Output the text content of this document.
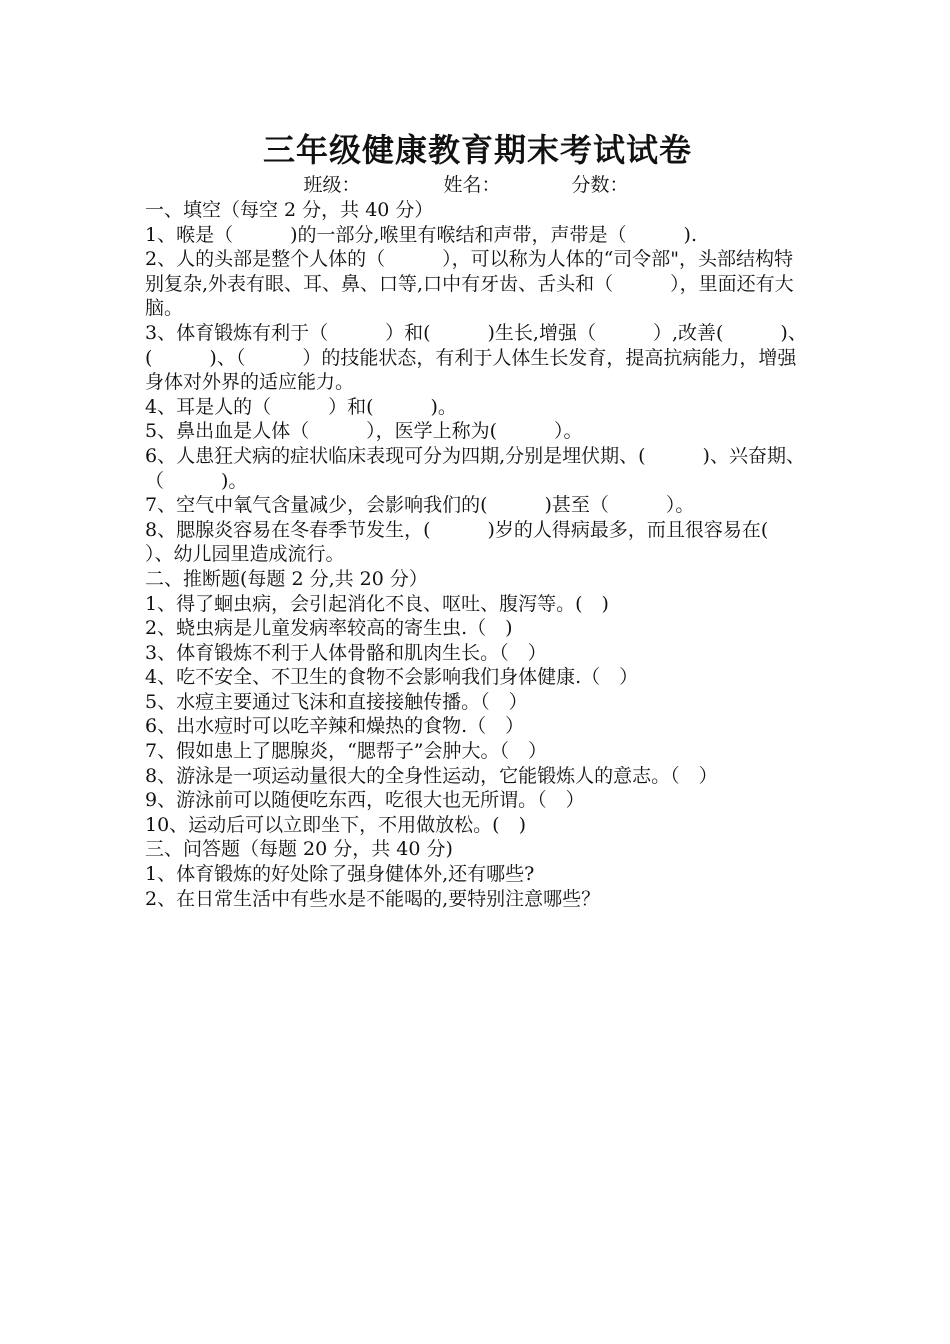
三年级健康教育期末考试试卷
班级：	姓名：	分数：

一、填空（每空 2 分，共 40 分）

1、喉是（　　　)的一部分,喉里有喉结和声带，声带是（　　　).

2、人的头部是整个人体的（　　　），可以称为人体的“司令部"，头部结构特别复杂,外表有眼、耳、鼻、口等,口中有牙齿、舌头和（　　　），里面还有大脑。

3、体育锻炼有利于（　　　）和(　　　)生长,增强（　　　）,改善(　　　)、(　　　)、（　　　）的技能状态，有利于人体生长发育，提高抗病能力，增强身体对外界的适应能力。

4、耳是人的（　　　）和(　　　)。

5、鼻出血是人体（　　　），医学上称为(　　　）。

6、人患狂犬病的症状临床表现可分为四期,分别是埋伏期、(　　　)、兴奋期、（　　　)。

7、空气中氧气含量减少，会影响我们的(　　　)甚至（　　　）。

8、腮腺炎容易在冬春季节发生，(　　　)岁的人得病最多，而且很容易在(　　　）、幼儿园里造成流行。

二、推断题(每题 2 分,共 20 分）

1、得了蛔虫病，会引起消化不良、呕吐、腹泻等。(　)

2、蛲虫病是儿童发病率较高的寄生虫.（　)

3、体育锻炼不利于人体骨骼和肌肉生长。（　）

4、吃不安全、不卫生的食物不会影响我们身体健康.（　）

5、水痘主要通过飞沫和直接接触传播。（　）

6、出水痘时可以吃辛辣和燥热的食物.（　）

7、假如患上了腮腺炎，“腮帮子”会肿大。（　）

8、游泳是一项运动量很大的全身性运动，它能锻炼人的意志。（　）

9、游泳前可以随便吃东西，吃很大也无所谓。（　）

10、运动后可以立即坐下，不用做放松。(　)

三、问答题（每题 20 分，共 40 分)

1、体育锻炼的好处除了强身健体外,还有哪些?

2、在日常生活中有些水是不能喝的,要特别注意哪些？
